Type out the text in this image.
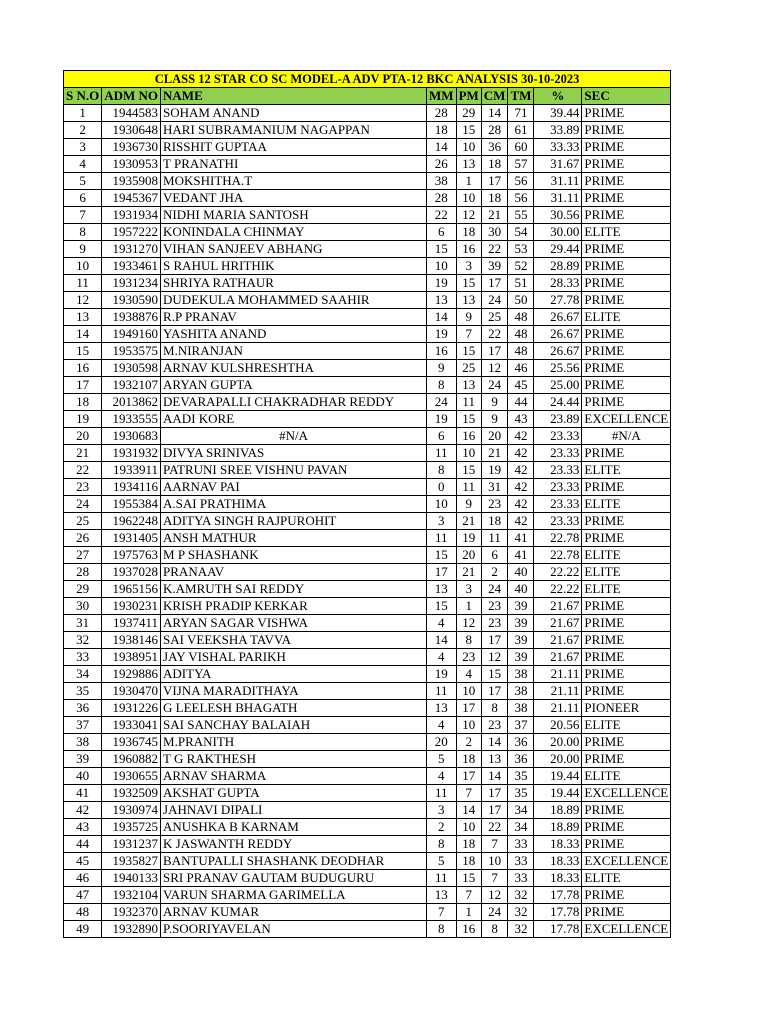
CLASS 12 STAR CO SC MODEL-A ADV PTA-12 BKC ANALYSIS 30-10-2023								
S N.O	ADM NO	NAME	MM	PM	CM	TM	%	SEC
1	1944583	SOHAM ANAND	28	29	14	71	39.44	PRIME
2	1930648	HARI SUBRAMANIUM NAGAPPAN	18	15	28	61	33.89	PRIME
3	1936730	RISSHIT GUPTAA	14	10	36	60	33.33	PRIME
4	1930953	T PRANATHI	26	13	18	57	31.67	PRIME
5	1935908	MOKSHITHA.T	38	1	17	56	31.11	PRIME
6	1945367	VEDANT JHA	28	10	18	56	31.11	PRIME
7	1931934	NIDHI MARIA SANTOSH	22	12	21	55	30.56	PRIME
8	1957222	KONINDALA CHINMAY	6	18	30	54	30.00	ELITE
9	1931270	VIHAN SANJEEV ABHANG	15	16	22	53	29.44	PRIME
10	1933461	S RAHUL HRITHIK	10	3	39	52	28.89	PRIME
11	1931234	SHRIYA RATHAUR	19	15	17	51	28.33	PRIME
12	1930590	DUDEKULA MOHAMMED SAAHIR	13	13	24	50	27.78	PRIME
13	1938876	R.P PRANAV	14	9	25	48	26.67	ELITE
14	1949160	YASHITA ANAND	19	7	22	48	26.67	PRIME
15	1953575	M.NIRANJAN	16	15	17	48	26.67	PRIME
16	1930598	ARNAV KULSHRESHTHA	9	25	12	46	25.56	PRIME
17	1932107	ARYAN GUPTA	8	13	24	45	25.00	PRIME
18	2013862	DEVARAPALLI CHAKRADHAR REDDY	24	11	9	44	24.44	PRIME
19	1933555	AADI KORE	19	15	9	43	23.89	EXCELLENCE
20	1930683	#N/A	6	16	20	42	23.33	#N/A
21	1931932	DIVYA SRINIVAS	11	10	21	42	23.33	PRIME
22	1933911	PATRUNI SREE VISHNU PAVAN	8	15	19	42	23.33	ELITE
23	1934116	AARNAV PAI	0	11	31	42	23.33	PRIME
24	1955384	A.SAI PRATHIMA	10	9	23	42	23.33	ELITE
25	1962248	ADITYA SINGH RAJPUROHIT	3	21	18	42	23.33	PRIME
26	1931405	ANSH MATHUR	11	19	11	41	22.78	PRIME
27	1975763	M P SHASHANK	15	20	6	41	22.78	ELITE
28	1937028	PRANAAV	17	21	2	40	22.22	ELITE
29	1965156	K.AMRUTH SAI REDDY	13	3	24	40	22.22	ELITE
30	1930231	KRISH PRADIP KERKAR	15	1	23	39	21.67	PRIME
31	1937411	ARYAN SAGAR VISHWA	4	12	23	39	21.67	PRIME
32	1938146	SAI VEEKSHA TAVVA	14	8	17	39	21.67	PRIME
33	1938951	JAY VISHAL PARIKH	4	23	12	39	21.67	PRIME
34	1929886	ADITYA	19	4	15	38	21.11	PRIME
35	1930470	VIJNA MARADITHAYA	11	10	17	38	21.11	PRIME
36	1931226	G LEELESH BHAGATH	13	17	8	38	21.11	PIONEER
37	1933041	SAI SANCHAY BALAIAH	4	10	23	37	20.56	ELITE
38	1936745	M.PRANITH	20	2	14	36	20.00	PRIME
39	1960882	T G RAKTHESH	5	18	13	36	20.00	PRIME
40	1930655	ARNAV SHARMA	4	17	14	35	19.44	ELITE
41	1932509	AKSHAT GUPTA	11	7	17	35	19.44	EXCELLENCE
42	1930974	JAHNAVI DIPALI	3	14	17	34	18.89	PRIME
43	1935725	ANUSHKA B KARNAM	2	10	22	34	18.89	PRIME
44	1931237	K JASWANTH REDDY	8	18	7	33	18.33	PRIME
45	1935827	BANTUPALLI SHASHANK DEODHAR	5	18	10	33	18.33	EXCELLENCE
46	1940133	SRI PRANAV GAUTAM BUDUGURU	11	15	7	33	18.33	ELITE
47	1932104	VARUN SHARMA GARIMELLA	13	7	12	32	17.78	PRIME
48	1932370	ARNAV KUMAR	7	1	24	32	17.78	PRIME
49	1932890	P.SOORIYAVELAN	8	16	8	32	17.78	EXCELLENCE
